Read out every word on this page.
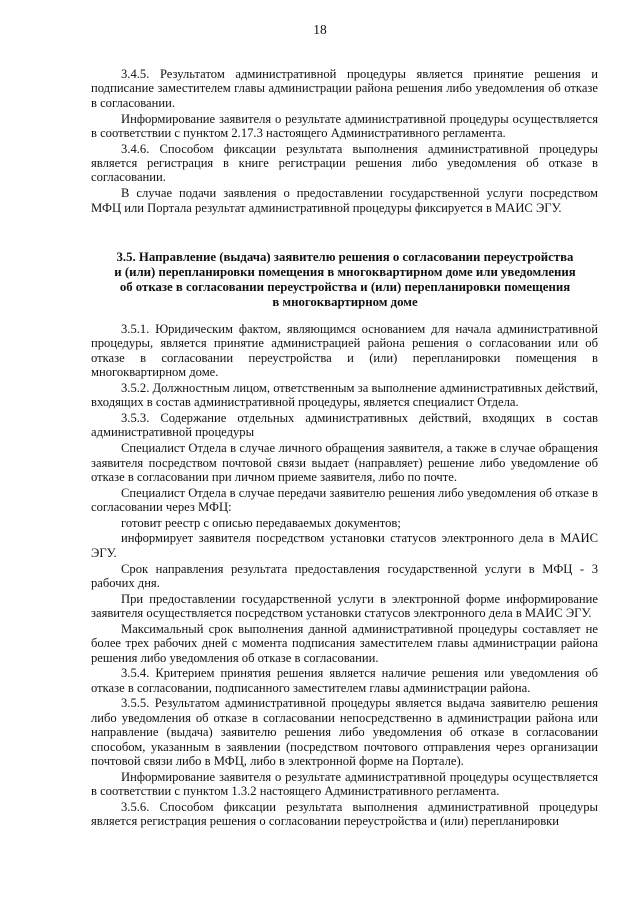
18

3.4.5. Результатом административной процедуры является принятие решения и подписание заместителем главы администрации района решения либо уведомления об отказе в согласовании.

Информирование заявителя о результате административной процедуры осуществляется в соответствии с пунктом 2.17.3 настоящего Административного регламента.

3.4.6. Способом фиксации результата выполнения административной процедуры является регистрация в книге регистрации решения либо уведомления об отказе в согласовании.

В случае подачи заявления о предоставлении государственной услуги посредством МФЦ или Портала результат административной процедуры фиксируется в МАИС ЭГУ.

3.5. Направление (выдача) заявителю решения о согласовании переустройства
и (или) перепланировки помещения в многоквартирном доме или уведомления
об отказе в согласовании переустройства и (или) перепланировки помещения
в многоквартирном доме

3.5.1. Юридическим фактом, являющимся основанием для начала административной процедуры, является принятие администрацией района решения о согласовании или об отказе в согласовании переустройства и (или) перепланировки помещения в многоквартирном доме.

3.5.2. Должностным лицом, ответственным за выполнение административных действий, входящих в состав административной процедуры, является специалист Отдела.

3.5.3. Содержание отдельных административных действий, входящих в состав административной процедуры

Специалист Отдела в случае личного обращения заявителя, а также в случае обращения заявителя посредством почтовой связи выдает (направляет) решение либо уведомление об отказе в согласовании при личном приеме заявителя, либо по почте.

Специалист Отдела в случае передачи заявителю решения либо уведомления об отказе в согласовании через МФЦ:

готовит реестр с описью передаваемых документов;

информирует заявителя посредством установки статусов электронного дела в МАИС ЭГУ.

Срок направления результата предоставления государственной услуги в МФЦ - 3 рабочих дня.

При предоставлении государственной услуги в электронной форме информирование заявителя осуществляется посредством установки статусов электронного дела в МАИС ЭГУ.

Максимальный срок выполнения данной административной процедуры составляет не более трех рабочих дней с момента подписания заместителем главы администрации района решения либо уведомления об отказе в согласовании.

3.5.4. Критерием принятия решения является наличие решения или уведомления об отказе в согласовании, подписанного заместителем главы администрации района.

3.5.5. Результатом административной процедуры является выдача заявителю решения либо уведомления об отказе в согласовании непосредственно в администрации района или направление (выдача) заявителю решения либо уведомления об отказе в согласовании способом, указанным в заявлении (посредством почтового отправления через организации почтовой связи либо в МФЦ, либо в электронной форме на Портале).

Информирование заявителя о результате административной процедуры осуществляется в соответствии с пунктом 1.3.2 настоящего Административного регламента.

3.5.6. Способом фиксации результата выполнения административной процедуры является регистрация решения о согласовании переустройства и (или) перепланировки
